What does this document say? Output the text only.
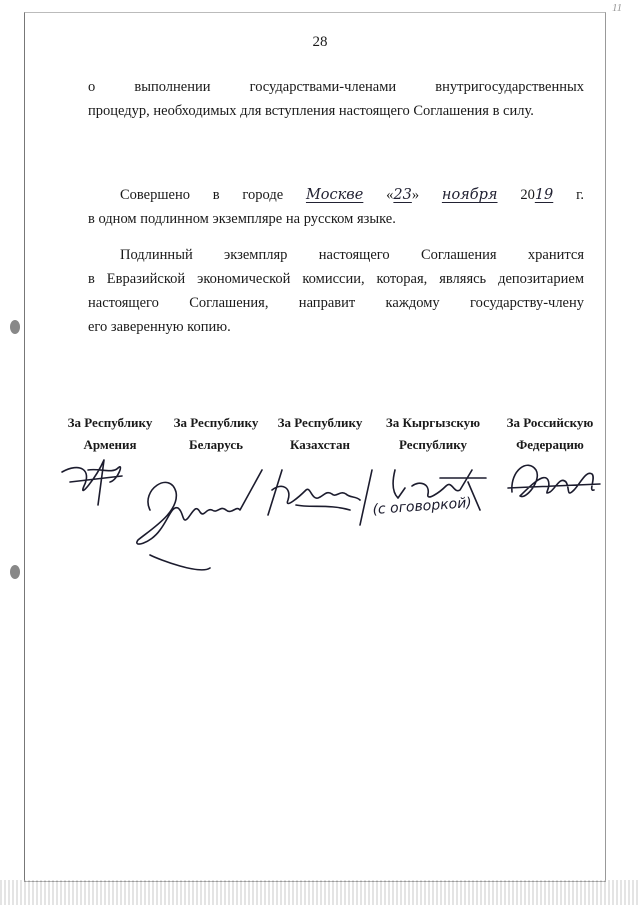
11
28
о выполнении государствами-членами внутригосударственных
процедур, необходимых для вступления настоящего Соглашения в силу.
Совершено в городе Москве «23» ноября 2019 г.
в одном подлинном экземпляре на русском языке.
Подлинный экземпляр настоящего Соглашения хранится
в Евразийской экономической комиссии, которая, являясь депозитарием
настоящего Соглашения, направит каждому государству-члену
его заверенную копию.
За Республику
Армения
За Республику
Беларусь
За Республику
Казахстан
За Кыргызскую
Республику
За Российскую
Федерацию
(с оговоркой)
